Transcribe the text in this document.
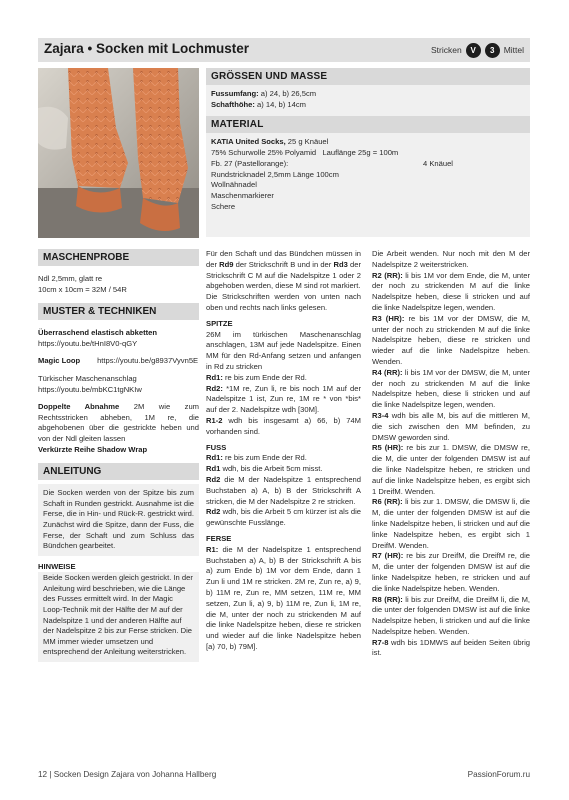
Zajara • Socken mit Lochmuster	Stricken	V	3	Mittel
GRÖSSEN UND MASSE
Fussumfang: a) 24, b) 26,5cm
Schafthöhe: a) 14, b) 14cm
MATERIAL
KATIA United Socks, 25 g Knäuel
75% Schurwolle 25% Polyamid Lauflänge 25g = 100m
Fb. 27 (Pastellorange):	4 Knäuel
Rundstricknadel 2,5mm Länge 100cm
Wollnähnadel
Maschenmarkierer
Schere
MASCHENPROBE
Ndl 2,5mm, glatt re
10cm x 10cm = 32M / 54R
MUSTER & TECHNIKEN
Überraschend elastisch abketten
https://youtu.be/tHnI8V0-qGY
Magic Loop https://youtu.be/g8937Vyvn5E
Türkischer Maschenanschlag https://youtu.be/mbKC1tgNKIw
Doppelte Abnahme 2M wie zum Rechtsstricken abheben, 1M re, die abgehobenen über die gestrickte heben und von der Ndl gleiten lassen
Verkürzte Reihe Shadow Wrap
ANLEITUNG
Die Socken werden von der Spitze bis zum Schaft in Runden gestrickt. Ausnahme ist die Ferse, die in Hin- und Rück-R. gestrickt wird. Zunächst wird die Spitze, dann der Fuss, die Ferse, der Schaft und zum Schluss das Bündchen gearbeitet.
HINWEISE
Beide Socken werden gleich gestrickt. In der Anleitung wird beschrieben, wie die Länge des Fusses ermittelt wird. In der Magic Loop-Technik mit der Hälfte der M auf der Nadelspitze 1 und der anderen Hälfte auf der Nadelspitze 2 bis zur Ferse stricken. Die MM immer wieder umsetzen und entsprechend der Anleitung weiterstricken.
Für den Schaft und das Bündchen müssen in der Rd9 der Strickschrift B und in der Rd3 der Strickschrift C M auf die Nadelspitze 1 oder 2 abgehoben werden, diese M sind rot markiert.
Die Strickschriften werden von unten nach oben und rechts nach links gelesen.
SPITZE
26M im türkischen Maschenanschlag anschlagen, 13M auf jede Nadelspitze. Einen MM für den Rd-Anfang setzen und anfangen in Rd zu stricken
Rd1: re bis zum Ende der Rd.
Rd2: *1M re, Zun li, re bis noch 1M auf der Nadelspitze 1 ist, Zun re, 1M re * von *bis* auf der 2. Nadelspitze wdh [30M].
R1-2 wdh bis insgesamt a) 66, b) 74M vorhanden sind.
FUSS
Rd1: re bis zum Ende der Rd.
Rd1 wdh, bis die Arbeit 5cm misst.
Rd2 die M der Nadelspitze 1 entsprechend Buchstaben a) A, b) B der Strickschrift A stricken, die M der Nadelspitze 2 re stricken.
Rd2 wdh, bis die Arbeit 5 cm kürzer ist als die gewünschte Fusslänge.
FERSE
R1: die M der Nadelspitze 1 entsprechend Buchstaben a) A, b) B der Strickschrift A bis a) zum Ende b) 1M vor dem Ende, dann 1 Zun li und 1M re stricken. 2M re, Zun re, a) 9, b) 11M re, Zun re, MM setzen, 11M re, MM setzen, Zun li, a) 9, b) 11M re, Zun li, 1M re, die M, unter der noch zu strickenden M auf die linke Nadelspitze heben, diese re stricken und wieder auf die linke Nadelspitze heben [a) 70, b) 79M].
Die Arbeit wenden. Nur noch mit den M der Nadelspitze 2 weiterstricken.
R2 (RR): li bis 1M vor dem Ende, die M, unter der noch zu strickenden M auf die linke Nadelspitze heben, diese li stricken und auf die linke Nadelspitze legen, wenden.
R3 (HR): re bis 1M vor der DMSW, die M, unter der noch zu strickenden M auf die linke Nadelspitze heben, diese re stricken und wieder auf die linke Nadelspitze heben. Wenden.
R4 (RR): li bis 1M vor der DMSW, die M, unter der noch zu strickenden M auf die linke Nadelspitze heben, diese li stricken und auf die linke Nadelspitze legen, wenden.
R3-4 wdh bis alle M, bis auf die mittleren M, die sich zwischen den MM befinden, zu DMSW geworden sind.
R5 (HR): re bis zur 1. DMSW, die DMSW re, die M, die unter der folgenden DMSW ist auf die linke Nadelspitze heben, re stricken und auf die linke Nadelspitze heben, es ergibt sich 1 DreifM. Wenden.
R6 (RR): li bis zur 1. DMSW, die DMSW li, die M, die unter der folgenden DMSW ist auf die linke Nadelspitze heben, li stricken und auf die linke Nadelspitze heben, es ergibt sich 1 DreifM. Wenden.
R7 (HR): re bis zur DreifM, die DreifM re, die M, die unter der folgenden DMSW ist auf die linke Nadelspitze heben, re stricken und auf die linke Nadelspitze heben. Wenden.
R8 (RR): li bis zur DreifM, die DreifM li, die M, die unter der folgenden DMSW ist auf die linke Nadelspitze heben, li stricken und auf die linke Nadelspitze heben. Wenden.
R7-8 wdh bis 1DMWS auf beiden Seiten übrig ist.
12 | Socken Design Zajara von Johanna Hallberg	PassionForum.ru
